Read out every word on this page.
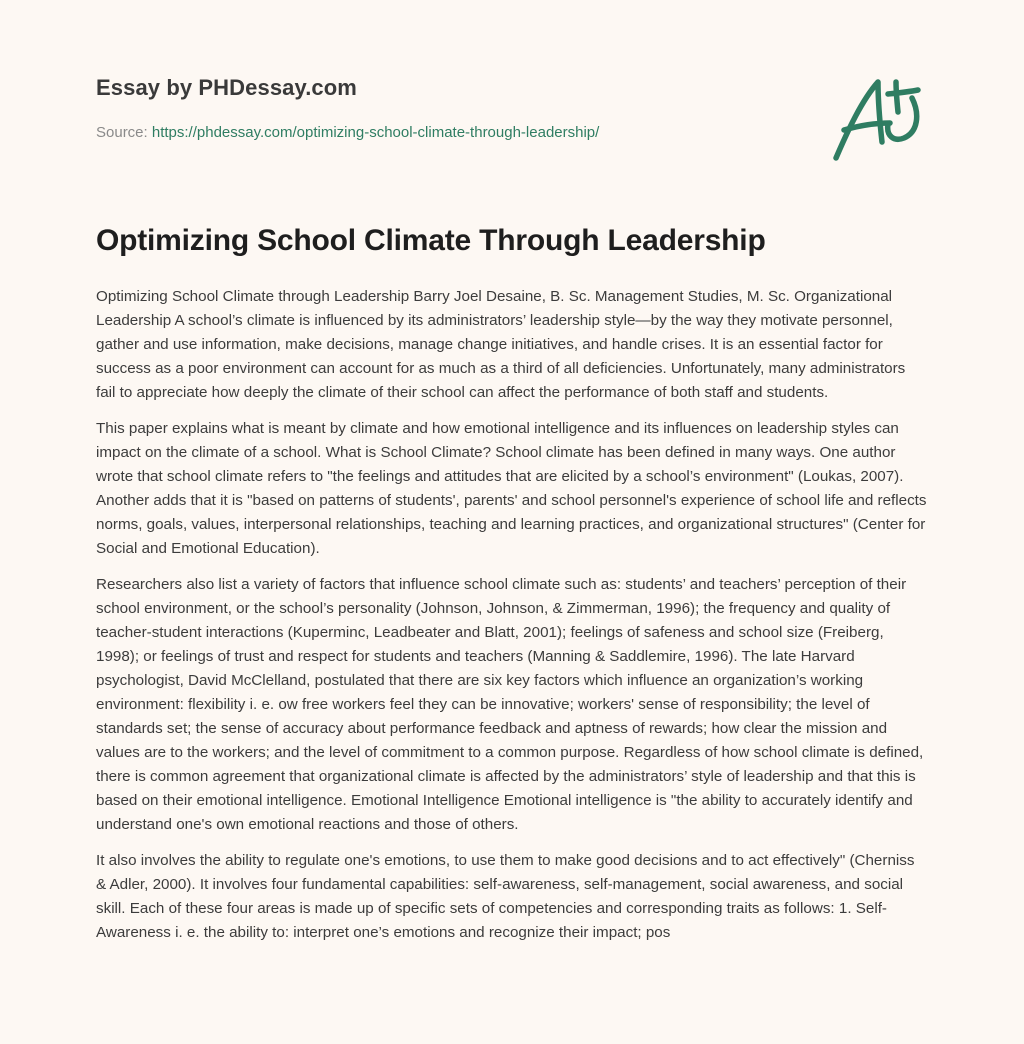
Essay by PHDessay.com
Source: https://phdessay.com/optimizing-school-climate-through-leadership/
Optimizing School Climate Through Leadership

Optimizing School Climate through Leadership Barry Joel Desaine, B. Sc. Management Studies, M. Sc. Organizational Leadership A school’s climate is influenced by its administrators’ leadership style—by the way they motivate personnel, gather and use information, make decisions, manage change initiatives, and handle crises. It is an essential factor for success as a poor environment can account for as much as a third of all deficiencies. Unfortunately, many administrators fail to appreciate how deeply the climate of their school can affect the performance of both staff and students.

This paper explains what is meant by climate and how emotional intelligence and its influences on leadership styles can impact on the climate of a school. What is School Climate? School climate has been defined in many ways. One author wrote that school climate refers to "the feelings and attitudes that are elicited by a school’s environment" (Loukas, 2007). Another adds that it is "based on patterns of students', parents' and school personnel's experience of school life and reflects norms, goals, values, interpersonal relationships, teaching and learning practices, and organizational structures" (Center for Social and Emotional Education).

Researchers also list a variety of factors that influence school climate such as: students’ and teachers’ perception of their school environment, or the school’s personality (Johnson, Johnson, & Zimmerman, 1996); the frequency and quality of teacher-student interactions (Kuperminc, Leadbeater and Blatt, 2001); feelings of safeness and school size (Freiberg, 1998); or feelings of trust and respect for students and teachers (Manning & Saddlemire, 1996). The late Harvard psychologist, David McClelland, postulated that there are six key factors which influence an organization’s working environment: flexibility i. e. ow free workers feel they can be innovative; workers' sense of responsibility; the level of standards set; the sense of accuracy about performance feedback and aptness of rewards; how clear the mission and values are to the workers; and the level of commitment to a common purpose. Regardless of how school climate is defined, there is common agreement that organizational climate is affected by the administrators’ style of leadership and that this is based on their emotional intelligence. Emotional Intelligence Emotional intelligence is "the ability to accurately identify and understand one's own emotional reactions and those of others.

It also involves the ability to regulate one's emotions, to use them to make good decisions and to act effectively" (Cherniss & Adler, 2000). It involves four fundamental capabilities: self-awareness, self-management, social awareness, and social skill. Each of these four areas is made up of specific sets of competencies and corresponding traits as follows: 1. Self-Awareness i. e. the ability to: interpret one’s emotions and recognize their impact; pos
